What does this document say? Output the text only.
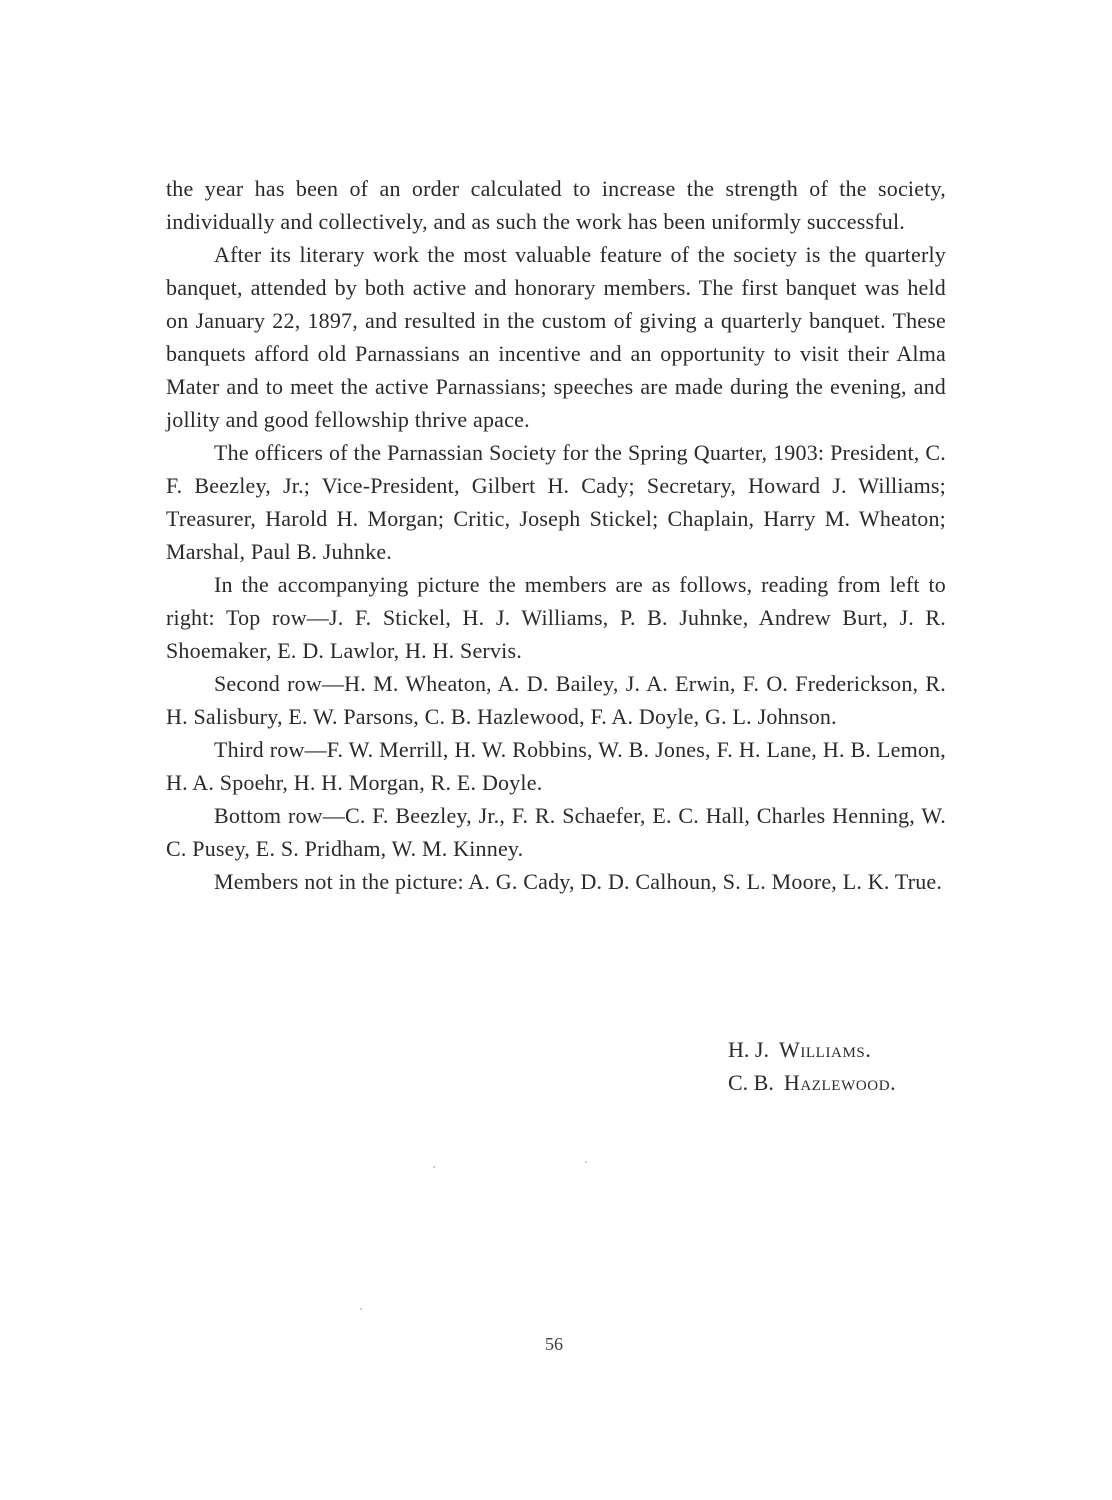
the year has been of an order calculated to increase the strength of the society, individually and collectively, and as such the work has been uniformly successful.

After its literary work the most valuable feature of the society is the quarterly banquet, attended by both active and honorary members. The first banquet was held on January 22, 1897, and resulted in the custom of giving a quarterly banquet. These banquets afford old Parnassians an incentive and an opportunity to visit their Alma Mater and to meet the active Parnassians; speeches are made during the evening, and jollity and good fellowship thrive apace.

The officers of the Parnassian Society for the Spring Quarter, 1903: President, C. F. Beezley, Jr.; Vice-President, Gilbert H. Cady; Secretary, Howard J. Williams; Treasurer, Harold H. Morgan; Critic, Joseph Stickel; Chaplain, Harry M. Wheaton; Marshal, Paul B. Juhnke.

In the accompanying picture the members are as follows, reading from left to right: Top row—J. F. Stickel, H. J. Williams, P. B. Juhnke, Andrew Burt, J. R. Shoemaker, E. D. Lawlor, H. H. Servis.

Second row—H. M. Wheaton, A. D. Bailey, J. A. Erwin, F. O. Frederickson, R. H. Salisbury, E. W. Parsons, C. B. Hazlewood, F. A. Doyle, G. L. Johnson.

Third row—F. W. Merrill, H. W. Robbins, W. B. Jones, F. H. Lane, H. B. Lemon, H. A. Spoehr, H. H. Morgan, R. E. Doyle.

Bottom row—C. F. Beezley, Jr., F. R. Schaefer, E. C. Hall, Charles Henning, W. C. Pusey, E. S. Pridham, W. M. Kinney.

Members not in the picture: A. G. Cady, D. D. Calhoun, S. L. Moore, L. K. True.

H. J. Williams.
C. B. Hazlewood.
56
